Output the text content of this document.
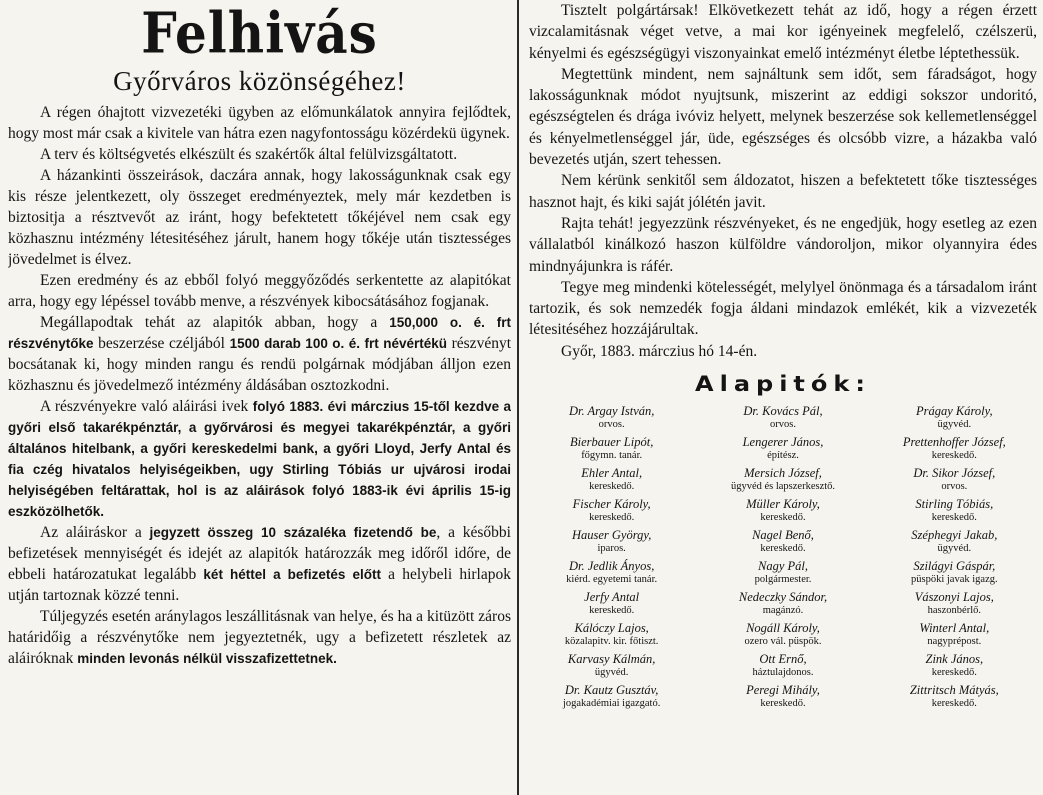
Felhivás
Győrváros közönségéhez!

A régen óhajtott vizvezetéki ügyben az előmunkálatok annyira fejlődtek, hogy most már csak a kivitele van hátra ezen nagyfontosságu közérdekü ügynek.

A terv és költségvetés elkészült és szakértők által felülvizsgáltatott.

A házankinti összeirások, daczára annak, hogy lakosságunknak csak egy kis része jelentkezett, oly összeget eredményeztek, mely már kezdetben is biztositja a résztvevőt az iránt, hogy befektetett tőkéjével nem csak egy közhasznu intézmény létesitéséhez járult, hanem hogy tőkéje után tisztességes jövedelmet is élvez.

Ezen eredmény és az ebből folyó meggyőződés serkentette az alapitókat arra, hogy egy lépéssel tovább menve, a részvények kibocsátásához fogjanak.

Megállapodtak tehát az alapitók abban, hogy a 150,000 o. é. frt részvénytőke beszerzése czéljából 1500 darab 100 o. é. frt névértékü részvényt bocsátanak ki, hogy minden rangu és rendü polgárnak módjában álljon ezen közhasznu és jövedelmező intézmény áldásában osztozkodni.

A részvényekre való aláirási ivek folyó 1883. évi márczius 15-től kezdve a győri első takarékpénztár, a győrvárosi és megyei takarékpénztár, a győri általános hitelbank, a győri kereskedelmi bank, a győri Lloyd, Jerfy Antal és fia czég hivatalos helyiségeikben, ugy Stirling Tóbiás ur ujvárosi irodai helyiségében feltárattak, hol is az aláirások folyó 1883-ik évi április 15-ig eszközölhetők.

Az aláiráskor a jegyzett összeg 10 százaléka fizetendő be, a későbbi befizetések mennyiségét és idejét az alapitók határozzák meg időről időre, de ebbeli határozatukat legalább két héttel a befizetés előtt a helybeli hirlapok utján tartoznak közzé tenni.

Túljegyzés esetén aránylagos leszállitásnak van helye, és ha a kitüzött záros határidőig a részvénytőke nem jegyeztetnék, ugy a befizetett részletek az aláiróknak minden levonás nélkül visszafizettetnek.

Tisztelt polgártársak! Elkövetkezett tehát az idő, hogy a régen érzett vizcalamitásnak véget vetve, a mai kor igényeinek megfelelő, czélszerü, kényelmi és egészségügyi viszonyainkat emelő intézményt életbe léptethessük.

Megtettünk mindent, nem sajnáltunk sem időt, sem fáradságot, hogy lakosságunknak módot nyujtsunk, miszerint az eddigi sokszor undoritó, egészségtelen és drága ivóviz helyett, melynek beszerzése sok kellemetlenséggel és kényelmetlenséggel jár, üde, egészséges és olcsóbb vizre, a házakba való bevezetés utján, szert tehessen.

Nem kérünk senkitől sem áldozatot, hiszen a befektetett tőke tisztességes hasznot hajt, és kiki saját jólétén javit.

Rajta tehát! jegyezzünk részvényeket, és ne engedjük, hogy esetleg az ezen vállalatból kinálkozó haszon külföldre vándoroljon, mikor olyannyira édes mindnyájunkra is ráfér.

Tegye meg mindenki kötelességét, melylyel önönmaga és a társadalom iránt tartozik, és sok nemzedék fogja áldani mindazok emlékét, kik a vizvezeték létesitéséhez hozzájárultak.

Győr, 1883. márczius hó 14-én.

Alapitók:
Dr. Argay István,
orvos.
Bierbauer Lipót,
főgymn. tanár.
Ehler Antal,
kereskedő.
Fischer Károly,
kereskedő.
Hauser György,
iparos.
Dr. Jedlik Ányos,
kiérd. egyetemi tanár.
Jerfy Antal
kereskedő.
Kálóczy Lajos,
közalapitv. kir. főtiszt.
Karvasy Kálmán,
ügyvéd.
Dr. Kautz Gusztáv,
jogakadémiai igazgató.
Dr. Kovács Pál,
orvos.
Lengerer János,
építész.
Mersich József,
ügyvéd és lapszerkesztő.
Müller Károly,
kereskedő.
Nagel Benő,
kereskedő.
Nagy Pál,
polgármester.
Nedeczky Sándor,
magánzó.
Nogáll Károly,
ozero vál. püspök.
Ott Ernő,
háztulajdonos.
Peregi Mihály,
kereskedő.
Prágay Károly,
ügyvéd.
Prettenhoffer József,
kereskedő.
Dr. Sikor József,
orvos.
Stirling Tóbiás,
kereskedő.
Széphegyi Jakab,
ügyvéd.
Szilágyi Gáspár,
püspöki javak igazg.
Vászonyi Lajos,
haszonbérlő.
Winterl Antal,
nagyprépost.
Zink János,
kereskedő.
Zittritsch Mátyás,
kereskedő.
